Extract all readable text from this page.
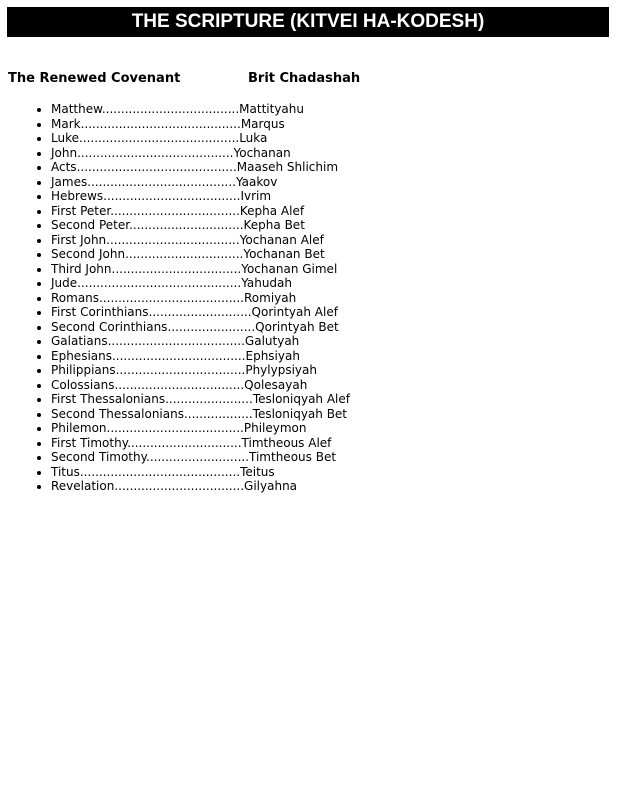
THE SCRIPTURE (KITVEI HA-KODESH)
The Renewed Covenant	Brit Chadashah
• Matthew....................................Mattityahu
• Mark..........................................Marqus
• Luke..........................................Luka
• John.........................................Yochanan
• Acts..........................................Maaseh Shlichim
• James.......................................Yaakov
• Hebrews....................................Ivrim
• First Peter..................................Kepha Alef
• Second Peter..............................Kepha Bet
• First John...................................Yochanan Alef
• Second John...............................Yochanan Bet
• Third John..................................Yochanan Gimel
• Jude...........................................Yahudah
• Romans......................................Romiyah
• First Corinthians...........................Qorintyah Alef
• Second Corinthians.......................Qorintyah Bet
• Galatians....................................Galutyah
• Ephesians...................................Ephsiyah
• Philippians..................................Phylypsiyah
• Colossians..................................Qolesayah
• First Thessalonians.......................Tesloniqyah Alef
• Second Thessalonians..................Tesloniqyah Bet
• Philemon....................................Phileymon
• First Timothy..............................Timtheous Alef
• Second Timothy...........................Timtheous Bet
• Titus..........................................Teitus
• Revelation..................................Gilyahna
